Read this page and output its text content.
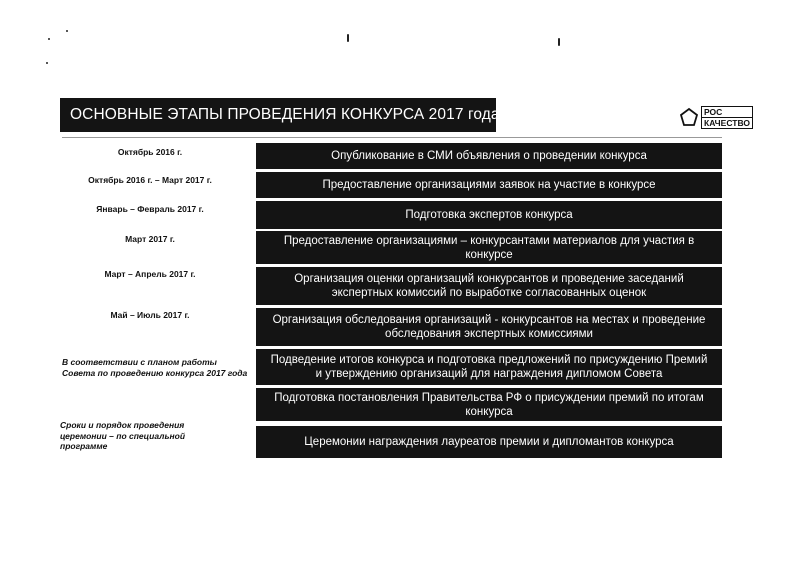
ОСНОВНЫЕ ЭТАПЫ ПРОВЕДЕНИЯ КОНКУРСА 2017 года	РОС
КАЧЕСТВО
Октябрь 2016 г.
Октябрь 2016 г. – Март 2017 г.
Январь – Февраль 2017 г.
Март 2017 г.
Март – Апрель 2017 г.
Май – Июль 2017 г.
В соответствии с планом работы Совета по проведению конкурса 2017 года
Сроки и порядок проведения церемонии – по специальной программе
Опубликование в СМИ объявления о проведении конкурса
Предоставление организациями заявок на участие в конкурсе
Подготовка экспертов конкурса
Предоставление организациями – конкурсантами материалов для участия в конкурсе
Организация оценки организаций конкурсантов и проведение заседаний экспертных комиссий по выработке согласованных оценок
Организация обследования организаций - конкурсантов на местах и проведение обследования экспертных комиссиями
Подведение итогов конкурса и подготовка предложений по присуждению Премий и утверждению организаций для награждения дипломом Совета
Подготовка постановления Правительства РФ о присуждении премий по итогам конкурса
Церемонии награждения лауреатов премии и дипломантов конкурса
